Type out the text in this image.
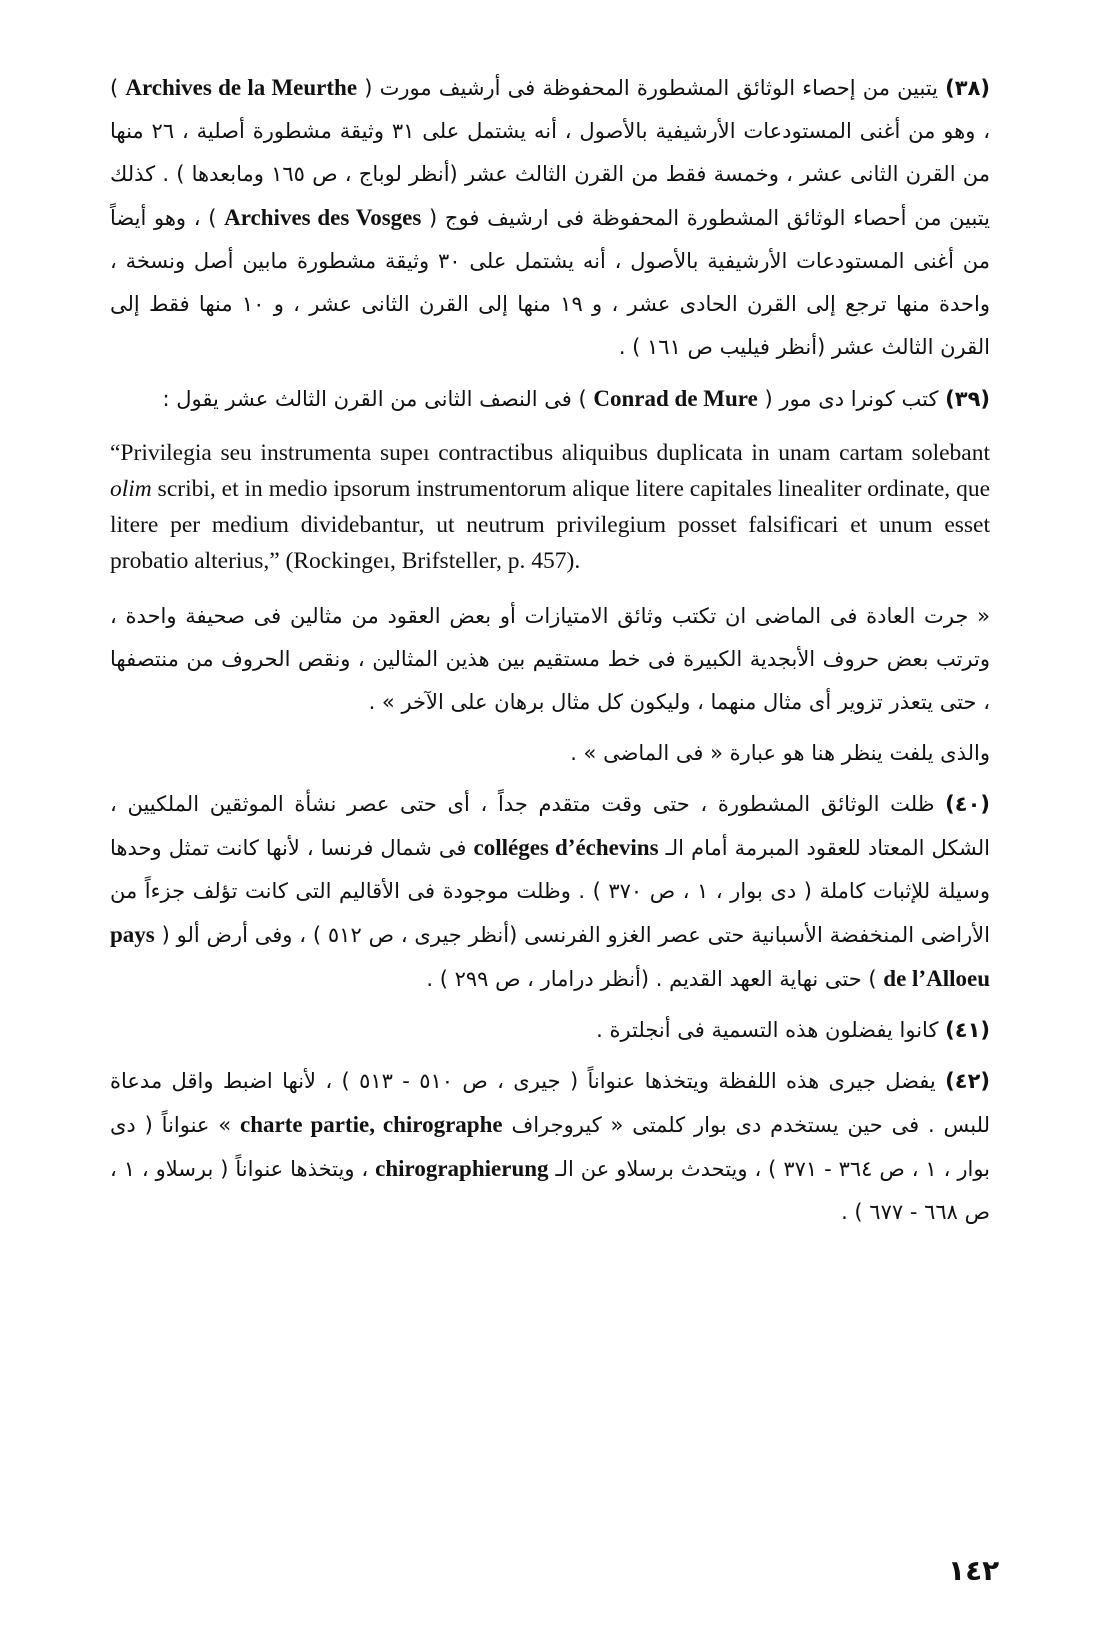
(٣٨) يتبين من إحصاء الوثائق المشطورة المحفوظة فى أرشيف مورت ( Archives de la Meurthe ) ، وهو من أغنى المستودعات الأرشيفية بالأصول ، أنه يشتمل على ٣١ وثيقة مشطورة أصلية ، ٢٦ منها من القرن الثانى عشر ، وخمسة فقط من القرن الثالث عشر (أنظر لوباج ، ص ١٦٥ ومابعدها ) . كذلك يتبين من أحصاء الوثائق المشطورة المحفوظة فى ارشيف فوج ( Archives des Vosges ) ، وهو أيضاً من أغنى المستودعات الأرشيفية بالأصول ، أنه يشتمل على ٣٠ وثيقة مشطورة مابين أصل ونسخة ، واحدة منها ترجع إلى القرن الحادى عشر ، و ١٩ منها إلى القرن الثانى عشر ، و ١٠ منها فقط إلى القرن الثالث عشر (أنظر فيليب ص ١٦١ ) .

(٣٩) كتب كونرا دى مور ( Conrad de Mure ) فى النصف الثانى من القرن الثالث عشر يقول :

“Privilegia seu instrumenta supeı contractibus aliquibus duplicata in unam cartam solebant olim scribi, et in medio ipsorum instrumentorum alique litere capitales linealiter ordinate, que litere per medium dividebantur, ut neutrum privilegium posset falsificari et unum esset probatio alterius,” (Rockingeı, Brifsteller, p. 457).

« جرت العادة فى الماضى ان تكتب وثائق الامتيازات أو بعض العقود من مثالين فى صحيفة واحدة ، وترتب بعض حروف الأبجدية الكبيرة فى خط مستقيم بين هذين المثالين ، ونقص الحروف من منتصفها ، حتى يتعذر تزوير أى مثال منهما ، وليكون كل مثال برهان على الآخر » .

والذى يلفت ينظر هنا هو عبارة « فى الماضى » .

(٤٠) ظلت الوثائق المشطورة ، حتى وقت متقدم جداً ، أى حتى عصر نشأة الموثقين الملكيين ، الشكل المعتاد للعقود المبرمة أمام الـ colléges d’échevins فى شمال فرنسا ، لأنها كانت تمثل وحدها وسيلة للإثبات كاملة ( دى بوار ، ١ ، ص ٣٧٠ ) . وظلت موجودة فى الأقاليم التى كانت تؤلف جزءاً من الأراضى المنخفضة الأسبانية حتى عصر الغزو الفرنسى (أنظر جيرى ، ص ٥١٢ ) ، وفى أرض ألو ( pays de l’Alloeu ) حتى نهاية العهد القديم . (أنظر درامار ، ص ٢٩٩ ) .

(٤١) كانوا يفضلون هذه التسمية فى أنجلترة .

(٤٢) يفضل جيرى هذه اللفظة ويتخذها عنواناً ( جيرى ، ص ٥١٠ - ٥١٣ ) ، لأنها اضبط واقل مدعاة للبس . فى حين يستخدم دى بوار كلمتى « كيروجراف charte partie, chirographe » عنواناً ( دى بوار ، ١ ، ص ٣٦٤ - ٣٧١ ) ، ويتحدث برسلاو عن الـ chirographierung ، ويتخذها عنواناً ( برسلاو ، ١ ، ص ٦٦٨ - ٦٧٧ ) .

١٤٢
